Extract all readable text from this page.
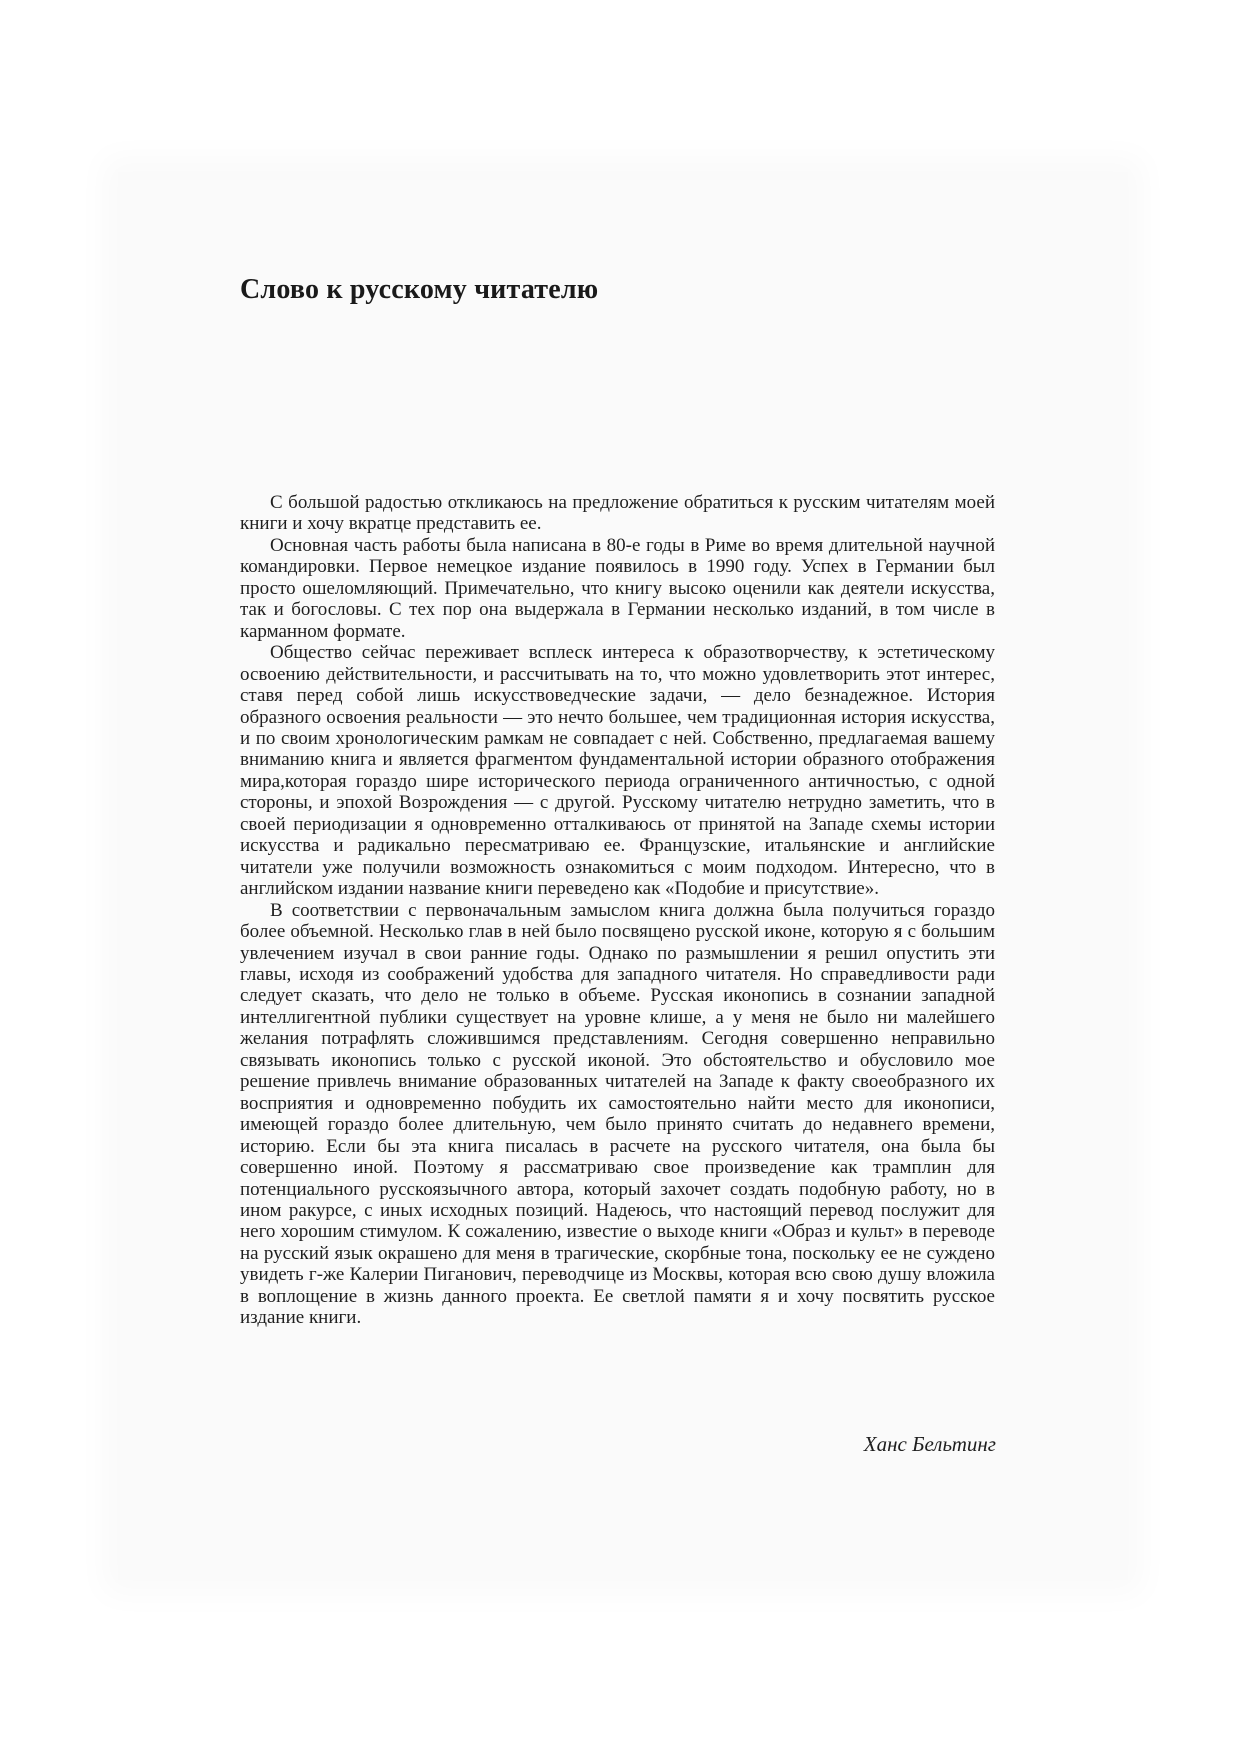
Слово к русскому читателю

С большой радостью откликаюсь на предложение обратиться к русским читателям моей книги и хочу вкратце представить ее.

Основная часть работы была написана в 80-е годы в Риме во время длительной научной командировки. Первое немецкое издание появилось в 1990 году. Успех в Германии был просто ошеломляющий. Примечательно, что книгу высоко оценили как деятели искусства, так и богословы. С тех пор она выдержала в Германии несколько изданий, в том числе в карманном формате.

Общество сейчас переживает всплеск интереса к образотворчеству, к эстетическому освоению действительности, и рассчитывать на то, что можно удовлетворить этот интерес, ставя перед собой лишь искусствоведческие задачи, — дело безнадежное. История образного освоения реальности — это нечто большее, чем традиционная история искусства, и по своим хронологическим рамкам не совпадает с ней. Собственно, предлагаемая вашему вниманию книга и является фрагментом фундаментальной истории образного отображения мира,которая гораздо шире исторического периода ограниченного античностью, с одной стороны, и эпохой Возрождения — с другой. Русскому читателю нетрудно заметить, что в своей периодизации я одновременно отталкиваюсь от принятой на Западе схемы истории искусства и радикально пересматриваю ее. Французские, итальянские и английские читатели уже получили возможность ознакомиться с моим подходом. Интересно, что в английском издании название книги переведено как «Подобие и присутствие».

В соответствии с первоначальным замыслом книга должна была получиться гораздо более объемной. Несколько глав в ней было посвящено русской иконе, которую я с большим увлечением изучал в свои ранние годы. Однако по размышлении я решил опустить эти главы, исходя из соображений удобства для западного читателя. Но справедливости ради следует сказать, что дело не только в объеме. Русская иконопись в сознании западной интеллигентной публики существует на уровне клише, а у меня не было ни малейшего желания потрафлять сложившимся представлениям. Сегодня совершенно неправильно связывать иконопись только с русской иконой. Это обстоятельство и обусловило мое решение привлечь внимание образованных читателей на Западе к факту своеобразного их восприятия и одновременно побудить их самостоятельно найти место для иконописи, имеющей гораздо более длительную, чем было принято считать до недавнего времени, историю. Если бы эта книга писалась в расчете на русского читателя, она была бы совершенно иной. Поэтому я рассматриваю свое произведение как трамплин для потенциального русскоязычного автора, который захочет создать подобную работу, но в ином ракурсе, с иных исходных позиций. Надеюсь, что настоящий перевод послужит для него хорошим стимулом. К сожалению, известие о выходе книги «Образ и культ» в переводе на русский язык окрашено для меня в трагические, скорбные тона, поскольку ее не суждено увидеть г-же Калерии Пиганович, переводчице из Москвы, которая всю свою душу вложила в воплощение в жизнь данного проекта. Ее светлой памяти я и хочу посвятить русское издание книги.

Ханс Бельтинг
